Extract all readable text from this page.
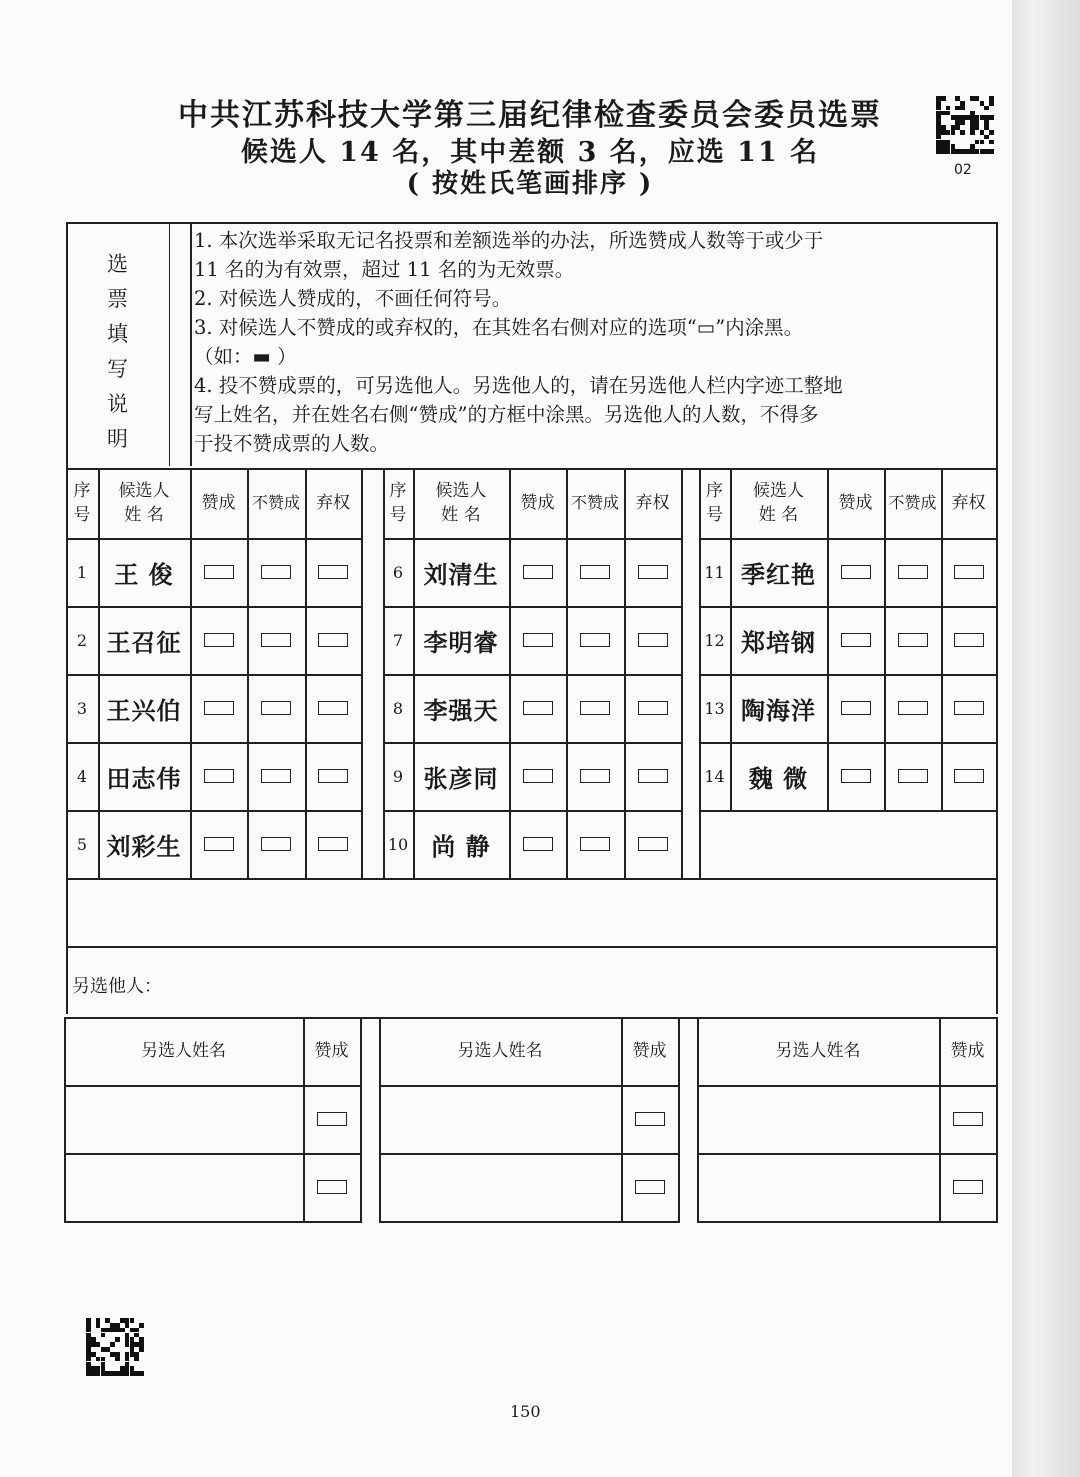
中共江苏科技大学第三届纪律检查委员会委员选票
候选人 14 名，其中差额 3 名，应选 11 名
( 按姓氏笔画排序 )	02
选
票
填
写
说
明
1. 本次选举采取无记名投票和差额选举的办法，所选赞成人数等于或少于
11 名的为有效票，超过 11 名的为无效票。
2. 对候选人赞成的，不画任何符号。
3. 对候选人不赞成的或弃权的，在其姓名右侧对应的选项“▭”内涂黑。
（如：▬ ）
4. 投不赞成票的，可另选他人。另选他人的，请在另选他人栏内字迹工整地
写上姓名，并在姓名右侧“赞成”的方框中涂黑。另选他人的人数，不得多
于投不赞成票的人数。
序
号
候选人
姓 名
赞成	不赞成 弃权
1	王 俊
2 王召征
3 王兴伯
4 田志伟
5 刘彩生
序
号
候选人
姓 名
赞成	不赞成 弃权
6 刘清生
7 李明睿
8 李强天
9 张彦同
10 尚 静
序
号
候选人
姓 名
赞成 不赞成 弃权
11 季红艳
12 郑培钢
13 陶海洋
14	魏 微
另选他人：
另选人姓名	赞成	另选人姓名	赞成	另选人姓名	赞成
150
